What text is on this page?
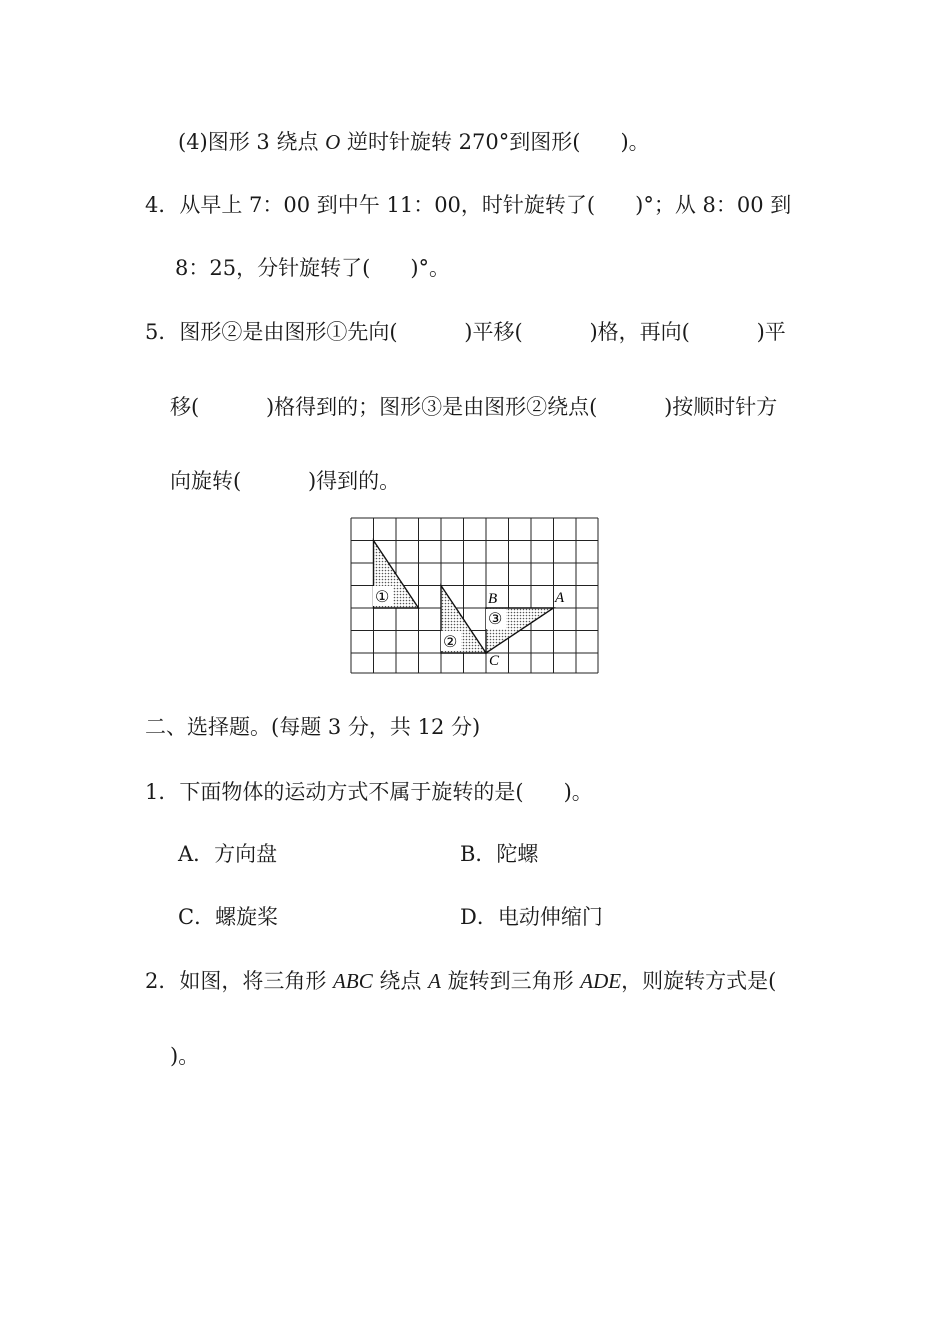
(4)图形 3 绕点 O 逆时针旋转 270°到图形(      )。
4．从早上 7：00 到中午 11：00，时针旋转了(      )°；从 8：00 到
8：25，分针旋转了(      )°。
5．图形②是由图形①先向(          )平移(          )格，再向(          )平
移(          )格得到的；图形③是由图形②绕点(          )按顺时针方
向旋转(          )得到的。
①
②
③
A
B
C
二、选择题。(每题 3 分，共 12 分)
1．下面物体的运动方式不属于旋转的是(      )。
A．方向盘	B．陀螺
C．螺旋桨	D．电动伸缩门
2．如图，将三角形 ABC 绕点 A 旋转到三角形 ADE，则旋转方式是(
)。
